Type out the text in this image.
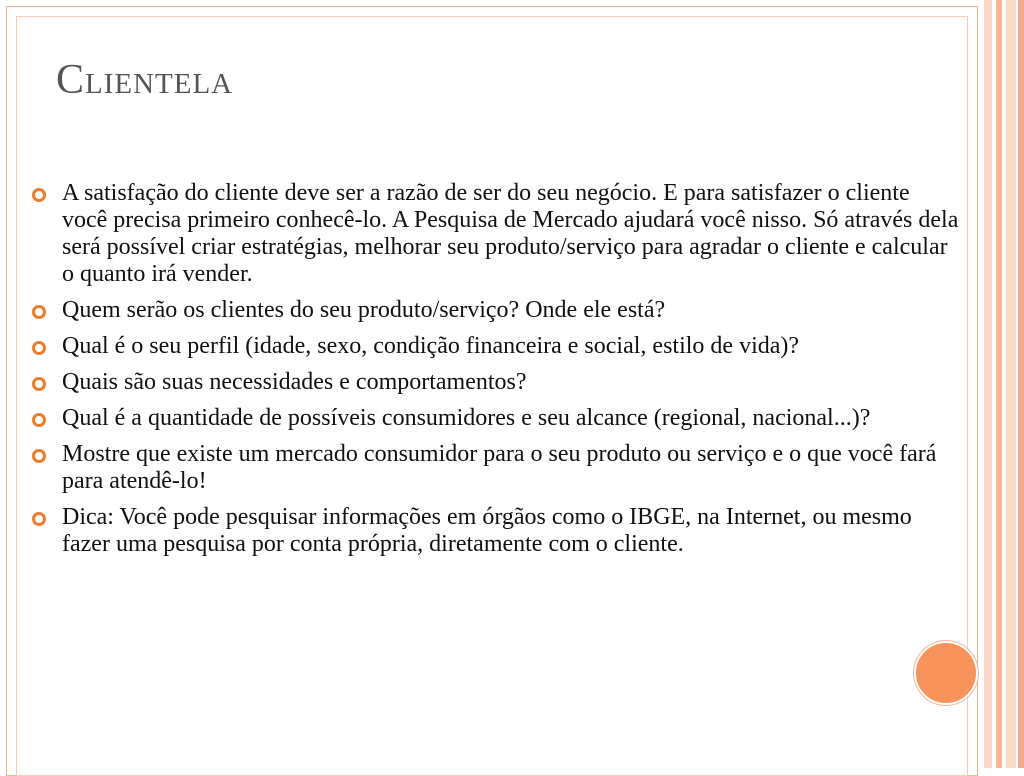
Clientela
A satisfação do cliente deve ser a razão de ser do seu negócio. E para satisfazer o cliente você precisa primeiro conhecê-lo. A Pesquisa de Mercado ajudará você nisso. Só através dela será possível criar estratégias, melhorar seu produto/serviço para agradar o cliente e calcular o quanto irá vender.
Quem serão os clientes do seu produto/serviço? Onde ele está?
Qual é o seu perfil (idade, sexo, condição financeira e social, estilo de vida)?
Quais são suas necessidades e comportamentos?
Qual é a quantidade de possíveis consumidores e seu alcance (regional, nacional...)?
Mostre que existe um mercado consumidor para o seu produto ou serviço e o que você fará para atendê-lo!
Dica: Você pode pesquisar informações em órgãos como o IBGE, na Internet, ou mesmo fazer uma pesquisa por conta própria, diretamente com o cliente.
